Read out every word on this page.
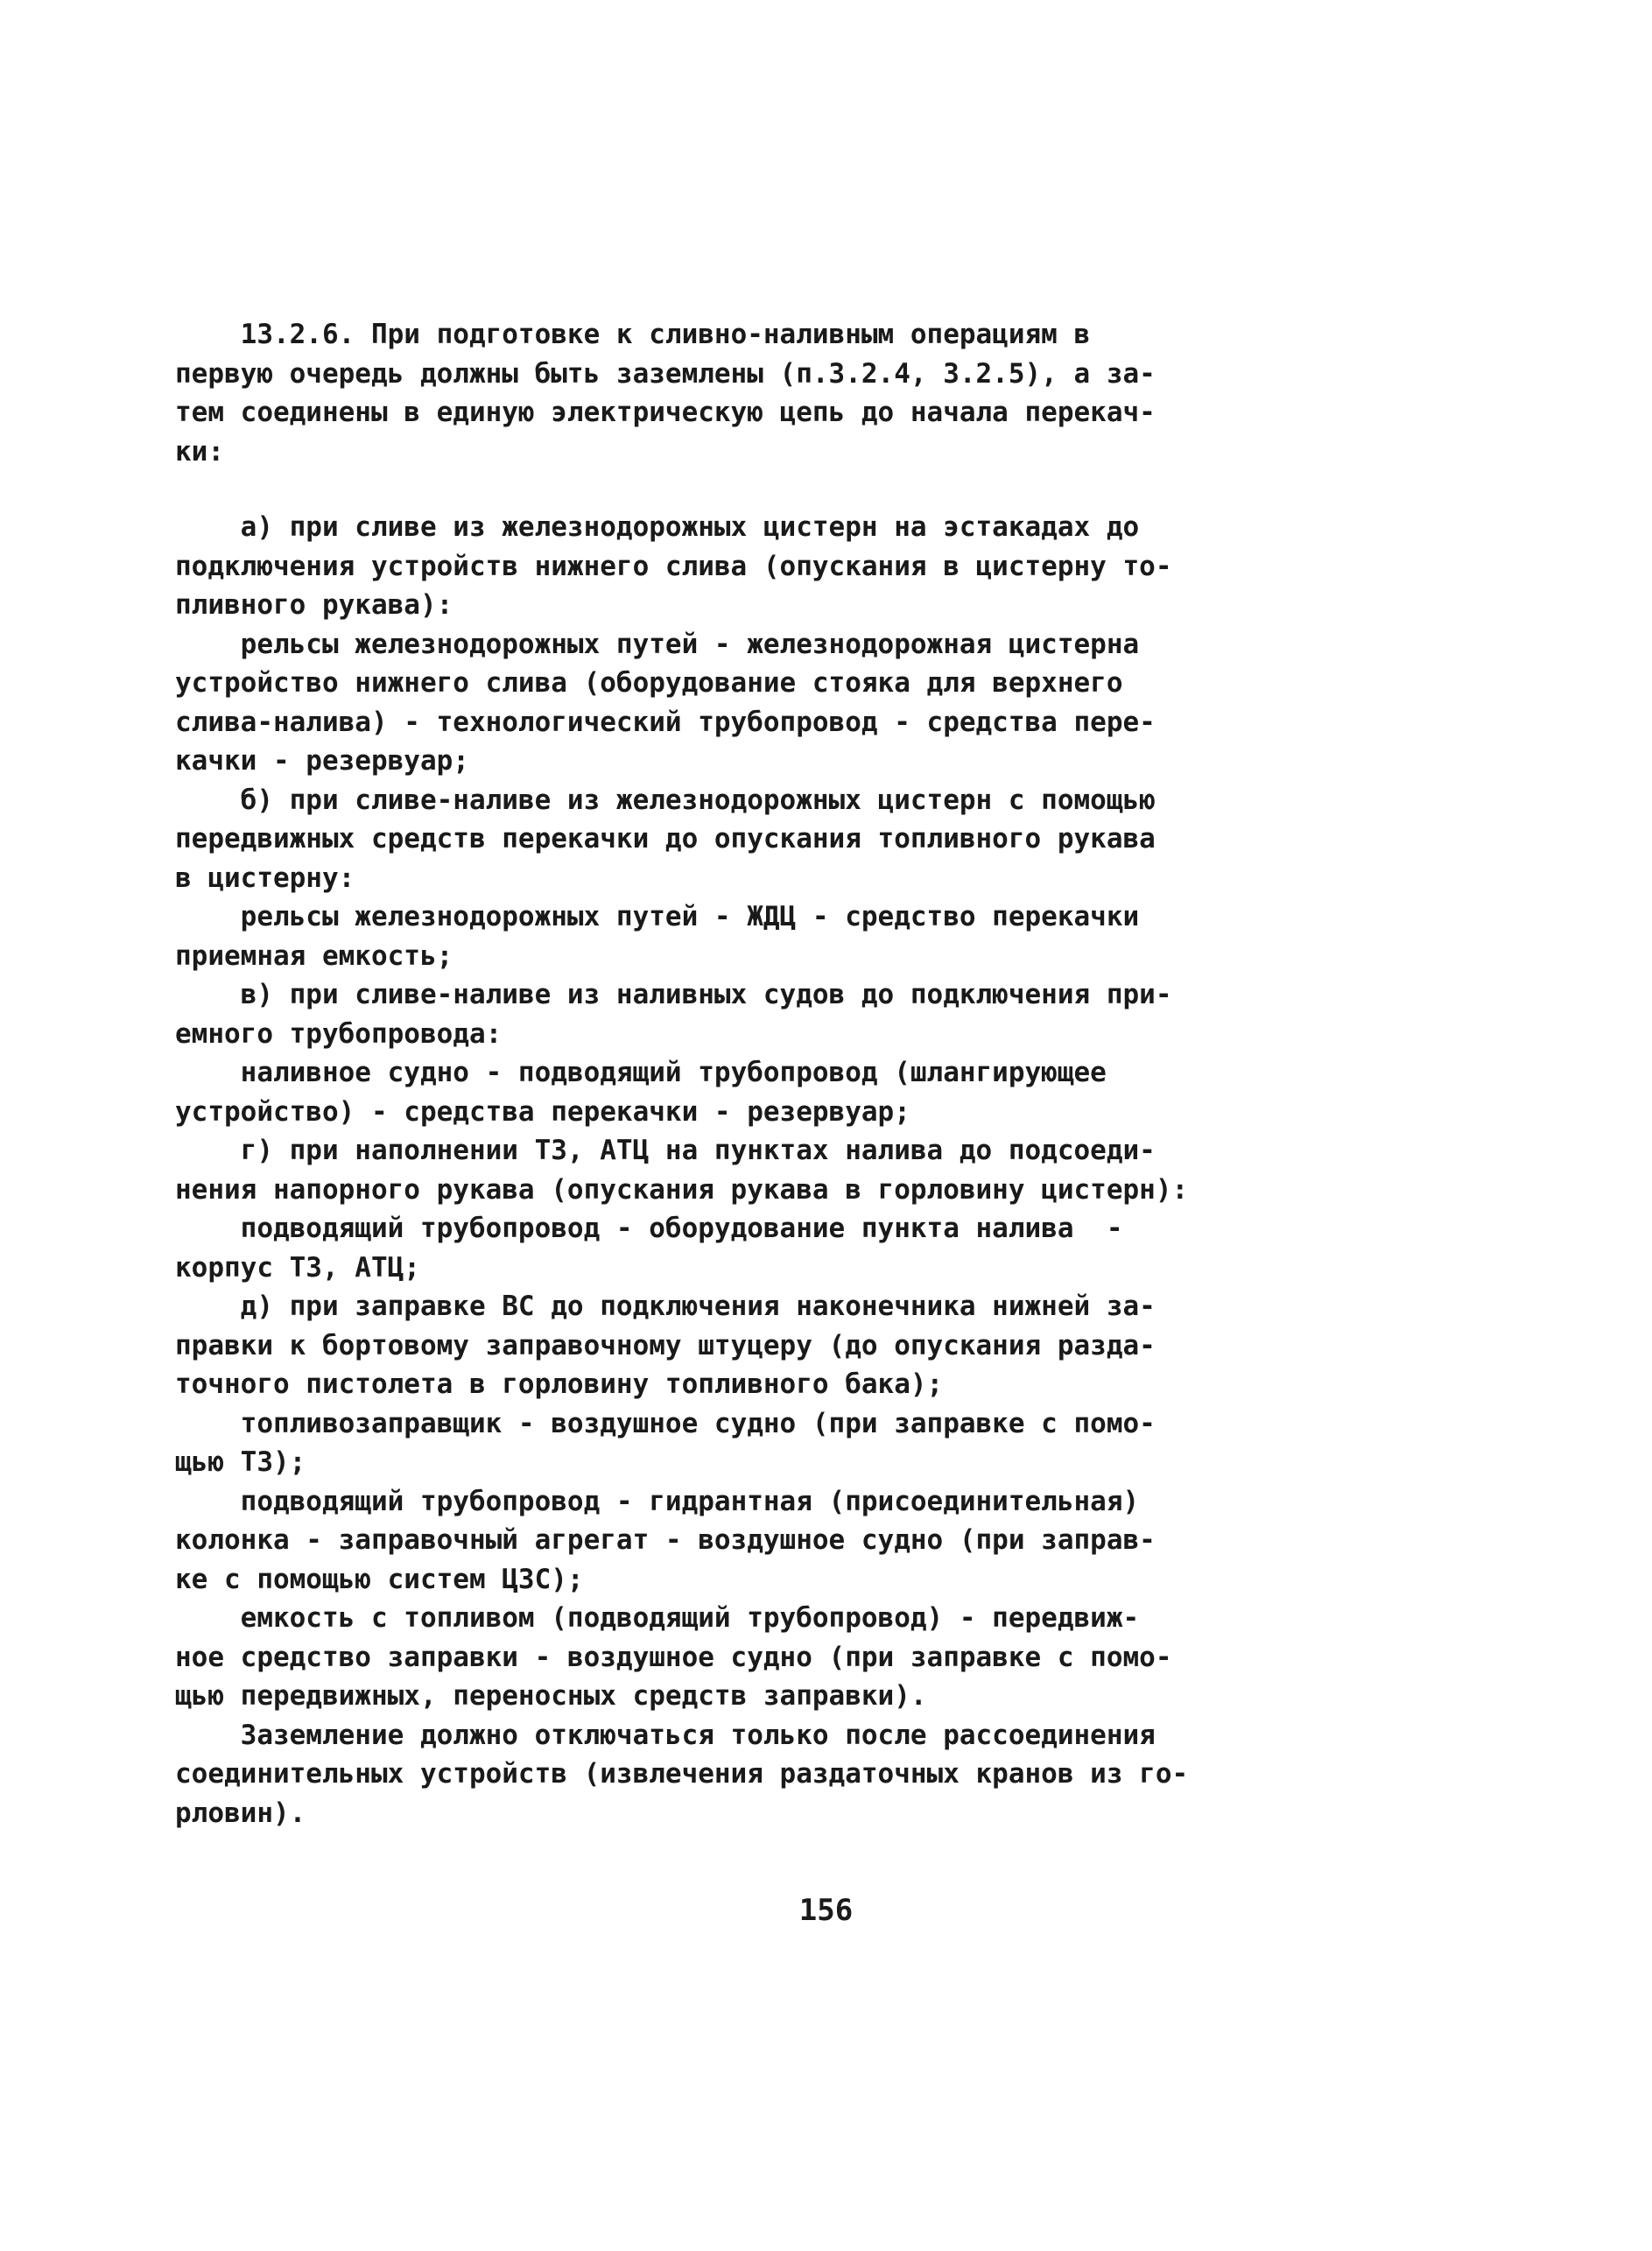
13.2.6. При подготовке к сливно-наливным операциям в
первую очередь должны быть заземлены (п.3.2.4, 3.2.5), а за-
тем соединены в единую электрическую цепь до начала перекач-
ки:
а) при сливе из железнодорожных цистерн на эстакадах до
подключения устройств нижнего слива (опускания в цистерну то-
пливного рукава):
рельсы железнодорожных путей - железнодорожная цистерна
устройство нижнего слива (оборудование стояка для верхнего
слива-налива) - технологический трубопровод - средства пере-
качки - резервуар;
б) при сливе-наливе из железнодорожных цистерн с помощью
передвижных средств перекачки до опускания топливного рукава
в цистерну:
рельсы железнодорожных путей - ЖДЦ - средство перекачки
приемная емкость;
в) при сливе-наливе из наливных судов до подключения при-
емного трубопровода:
наливное судно - подводящий трубопровод (шлангирующее
устройство) - средства перекачки - резервуар;
г) при наполнении ТЗ, АТЦ на пунктах налива до подсоеди-
нения напорного рукава (опускания рукава в горловину цистерн):
подводящий трубопровод - оборудование пункта налива  -
корпус ТЗ, АТЦ;
д) при заправке ВС до подключения наконечника нижней за-
правки к бортовому заправочному штуцеру (до опускания разда-
точного пистолета в горловину топливного бака);
топливозаправщик - воздушное судно (при заправке с помо-
щью ТЗ);
подводящий трубопровод - гидрантная (присоединительная)
колонка - заправочный агрегат - воздушное судно (при заправ-
ке с помощью систем ЦЗС);
емкость с топливом (подводящий трубопровод) - передвиж-
ное средство заправки - воздушное судно (при заправке с помо-
щью передвижных, переносных средств заправки).
Заземление должно отключаться только после рассоединения
соединительных устройств (извлечения раздаточных кранов из го-
рловин).
156
